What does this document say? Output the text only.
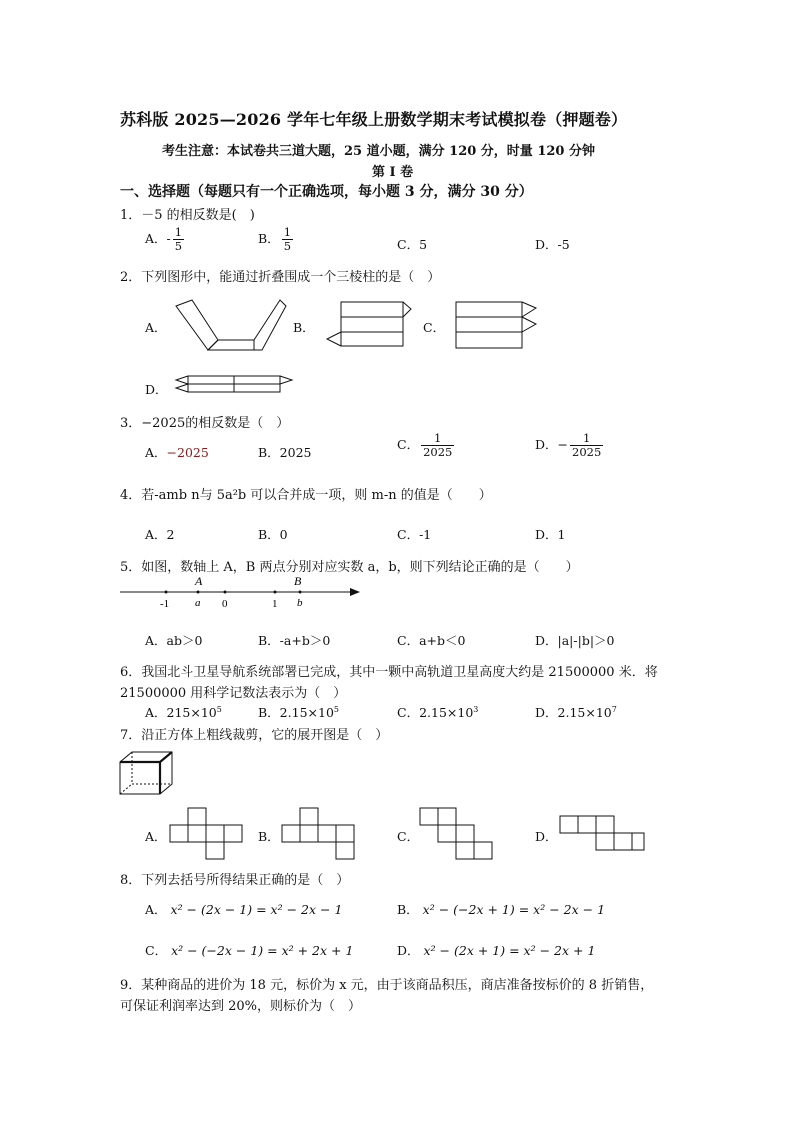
苏科版 2025—2026 学年七年级上册数学期末考试模拟卷（押题卷）
考生注意：本试卷共三道大题，25 道小题，满分 120 分，时量 120 分钟
第 I 卷
一、选择题（每题只有一个正确选项，每小题 3 分，满分 30 分）
1．－5 的相反数是(　)
A．- $\frac{1}{5}$	B． $\frac{1}{5}$	C．5	D．-5
2．下列图形中，能通过折叠围成一个三棱柱的是（　）
A．	B．	C．
D．
3．−2025的相反数是（　）
A．−2025	B．2025
C． $\frac{1}{2025}$	D．− $\frac{1}{2025}$
4．若-amb n与 5a²b 可以合并成一项，则 m-n 的值是（　　）
A．2	B．0	C．-1	D．1
5．如图，数轴上 A，B 两点分别对应实数 a，b，则下列结论正确的是（　　）
A	B
-1 a 0	1 b
A．ab＞0	B．-a+b＞0	C．a+b＜0	D．|a|-|b|＞0
6．我国北斗卫星导航系统部署已完成，其中一颗中高轨道卫星高度大约是 21500000 米．将
21500000 用科学记数法表示为（　）
A．$215\times 10^5$	B．$2.15\times 10^5$	C．$2.15\times 10^3$	D．$2.15\times 10^7$
7．沿正方体上粗线裁剪，它的展开图是（　）
A．	B．	C．	D．
8．下列去括号所得结果正确的是（　）
A． x² − (2x − 1) = x² − 2x − 1	B． x² − (−2x + 1) = x² − 2x − 1
C． x² − (−2x − 1) = x² + 2x + 1	D． x² − (2x + 1) = x² − 2x + 1
9．某种商品的进价为 18 元，标价为 x 元，由于该商品积压，商店准备按标价的 8 折销售，
可保证利润率达到 20%，则标价为（　）
